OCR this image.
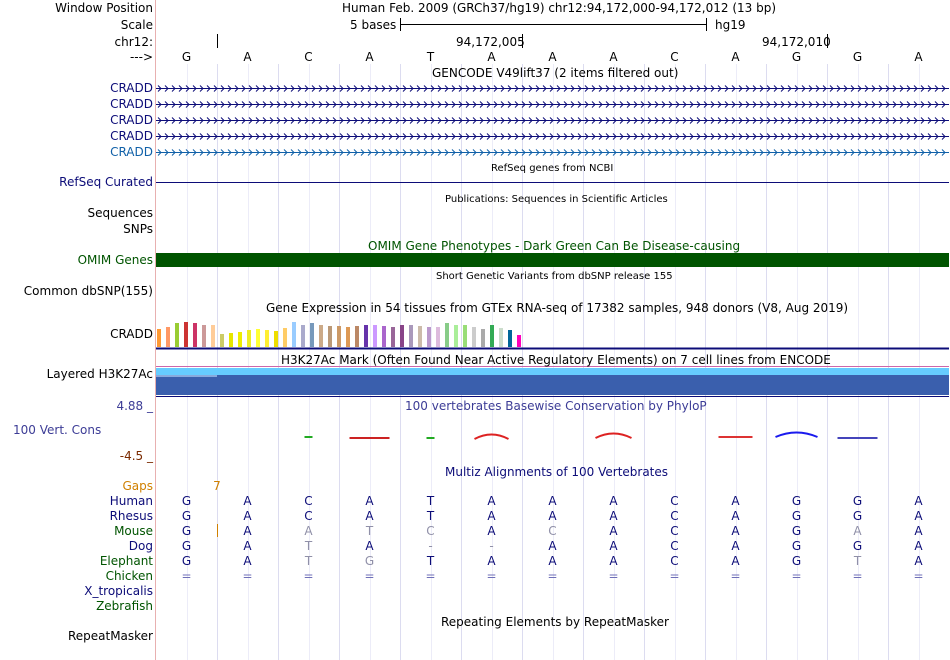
Window Position	Human Feb. 2009 (GRCh37/hg19) chr12:94,172,000-94,172,012 (13 bp)
Scale	5 bases	hg19
chr12:	94,172,005	94,172,010
--->	G	A	C	A	T	A	A	A	C	A	G	G	A
GENCODE V49lift37 (2 items filtered out)
CRADD
CRADD
CRADD
CRADD
CRADD
RefSeq genes from NCBI
RefSeq Curated
Publications: Sequences in Scientific Articles
Sequences
SNPs
OMIM Gene Phenotypes - Dark Green Can Be Disease-causing
OMIM Genes
Short Genetic Variants from dbSNP release 155
Common dbSNP(155)
Gene Expression in 54 tissues from GTEx RNA-seq of 17382 samples, 948 donors (V8, Aug 2019)
CRADD
H3K27Ac Mark (Often Found Near Active Regulatory Elements) on 7 cell lines from ENCODE
Layered H3K27Ac
100 vertebrates Basewise Conservation by PhyloP
4.88 _
100 Vert. Cons
-4.5 _
Multiz Alignments of 100 Vertebrates
Gaps	7
Human	G	A	C	A	T	A	A	A	C	A	G	G	A
Rhesus	G	A	C	A	T	A	A	A	C	A	G	G	A
Mouse	G	A	A	T	C	A	C	A	C	A	G	A	A
Dog	G	A	T	A	-	-	A	A	C	A	G	G	A
Elephant	G	A	T	G	T	A	A	A	C	A	G	T	A
Chicken	=	=	=	=	=	=	=	=	=	=	=	=	=
X_tropicalis
Zebrafish
Repeating Elements by RepeatMasker
RepeatMasker
